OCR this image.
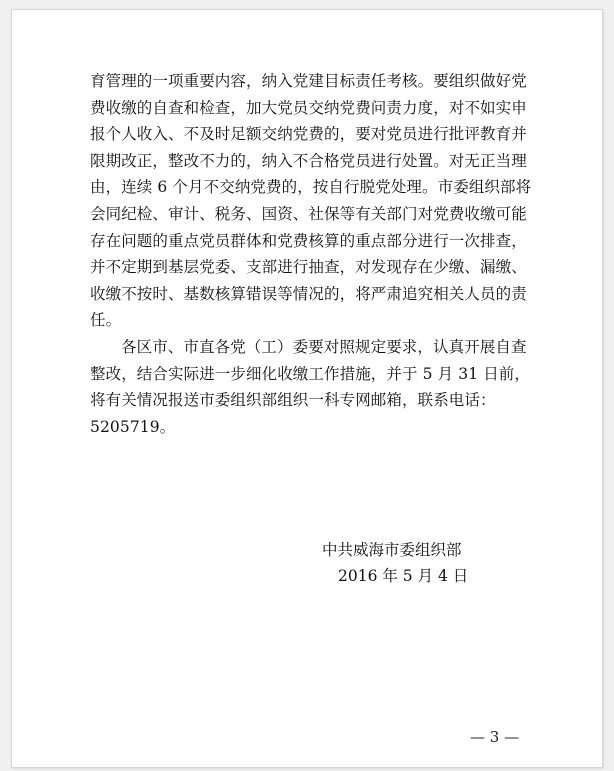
育管理的一项重要内容，纳入党建目标责任考核。要组织做好党
费收缴的自查和检查，加大党员交纳党费问责力度，对不如实申
报个人收入、不及时足额交纳党费的，要对党员进行批评教育并
限期改正，整改不力的，纳入不合格党员进行处置。对无正当理
由，连续 6 个月不交纳党费的，按自行脱党处理。市委组织部将
会同纪检、审计、税务、国资、社保等有关部门对党费收缴可能
存在问题的重点党员群体和党费核算的重点部分进行一次排查，
并不定期到基层党委、支部进行抽查，对发现存在少缴、漏缴、
收缴不按时、基数核算错误等情况的，将严肃追究相关人员的责
任。

各区市、市直各党（工）委要对照规定要求，认真开展自查
整改，结合实际进一步细化收缴工作措施，并于 5 月 31 日前，
将有关情况报送市委组织部组织一科专网邮箱，联系电话：
5205719。

中共威海市委组织部
2016 年 5 月 4 日
— 3 —
